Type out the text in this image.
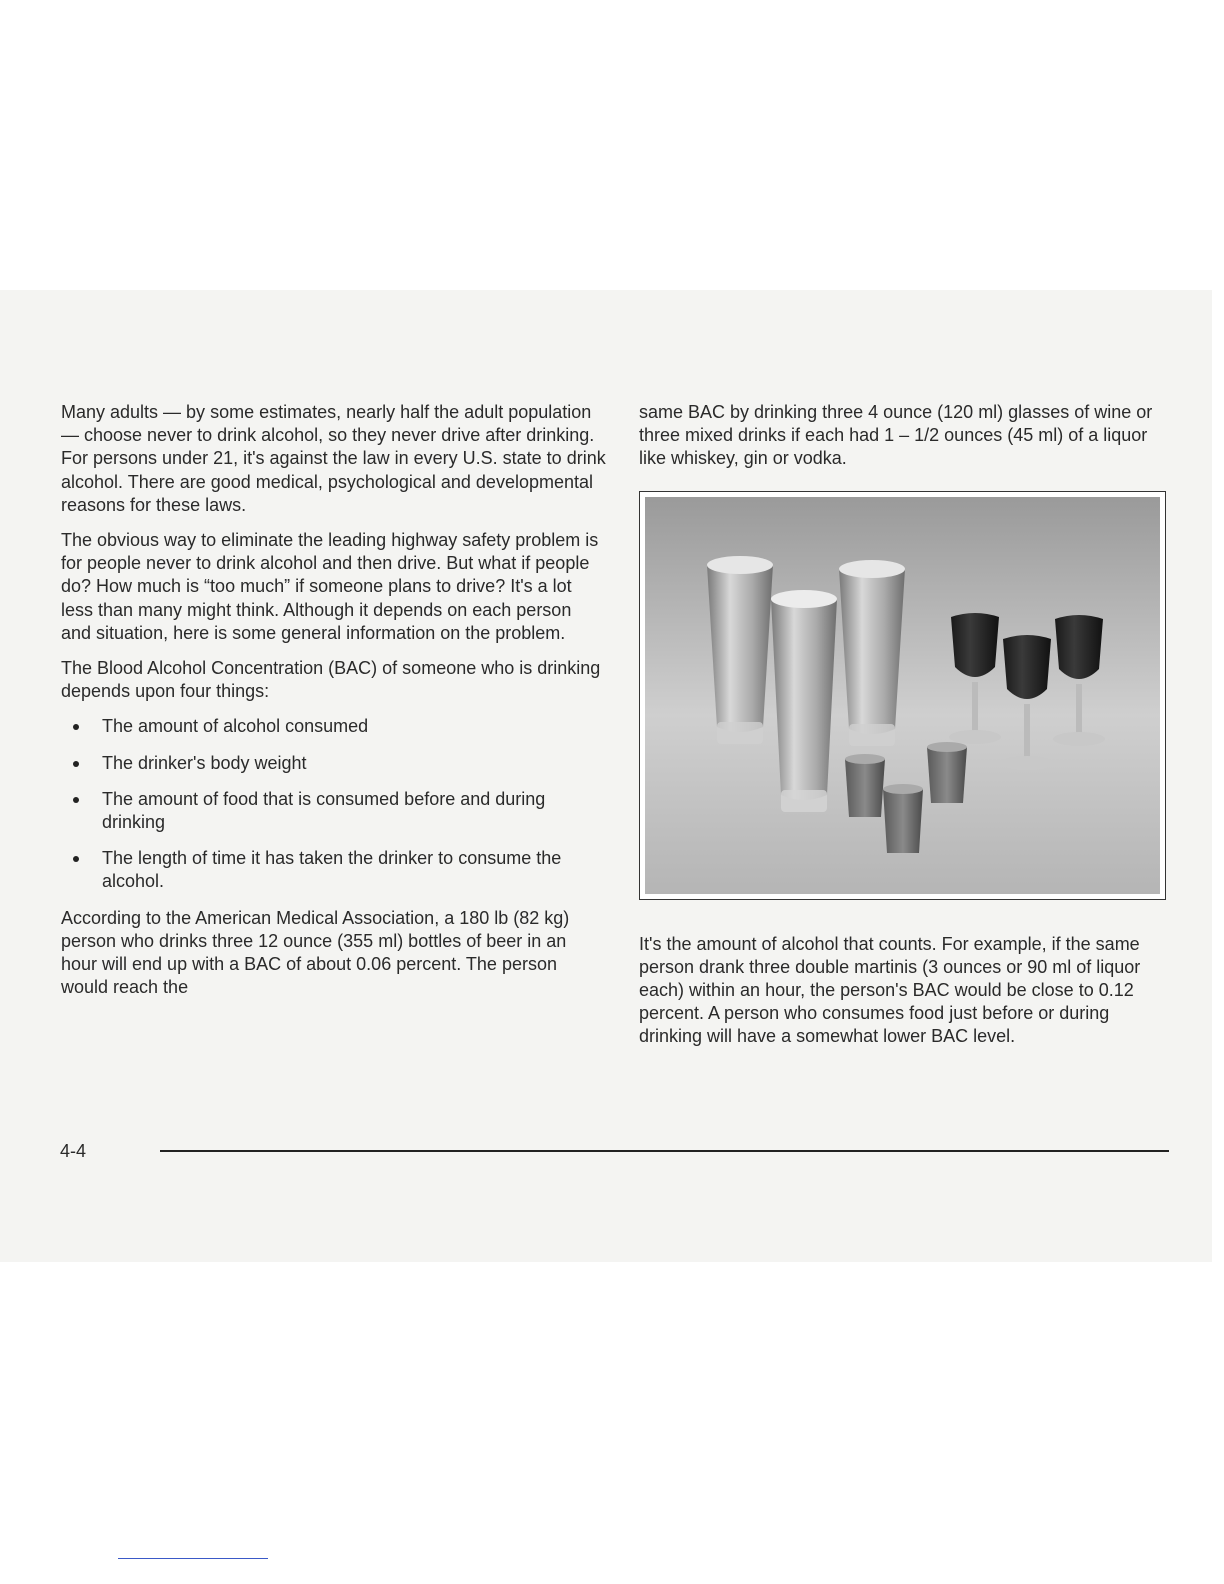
Many adults — by some estimates, nearly half the adult population — choose never to drink alcohol, so they never drive after drinking. For persons under 21, it's against the law in every U.S. state to drink alcohol. There are good medical, psychological and developmental reasons for these laws.

The obvious way to eliminate the leading highway safety problem is for people never to drink alcohol and then drive. But what if people do? How much is “too much” if someone plans to drive? It's a lot less than many might think. Although it depends on each person and situation, here is some general information on the problem.

The Blood Alcohol Concentration (BAC) of someone who is drinking depends upon four things:

The amount of alcohol consumed
The drinker's body weight
The amount of food that is consumed before and during drinking
The length of time it has taken the drinker to consume the alcohol.

According to the American Medical Association, a 180 lb (82 kg) person who drinks three 12 ounce (355 ml) bottles of beer in an hour will end up with a BAC of about 0.06 percent. The person would reach the

same BAC by drinking three 4 ounce (120 ml) glasses of wine or three mixed drinks if each had 1 – 1/2 ounces (45 ml) of a liquor like whiskey, gin or vodka.

It's the amount of alcohol that counts. For example, if the same person drank three double martinis (3 ounces or 90 ml of liquor each) within an hour, the person's BAC would be close to 0.12 percent. A person who consumes food just before or during drinking will have a somewhat lower BAC level.

4-4
